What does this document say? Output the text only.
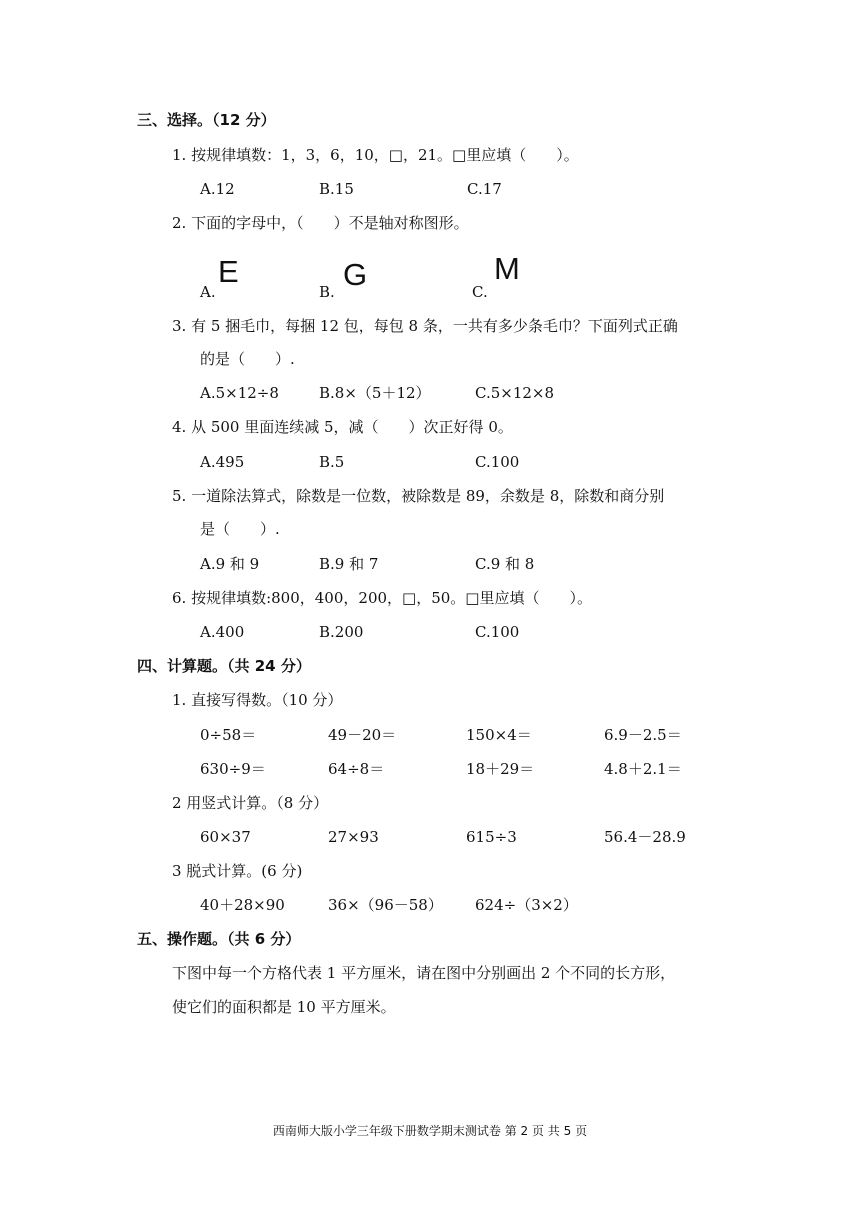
三、选择。（12 分）
1. 按规律填数：1，3，6，10，□，21。□里应填（　　）。
A.12	B.15	C.17
2. 下面的字母中，（　　）不是轴对称图形。
A.
E
B. G	C.
M
3. 有 5 捆毛巾，每捆 12 包，每包 8 条，一共有多少条毛巾？下面列式正确
的是（　　）.
A.5×12÷8	B.8×（5＋12）	C.5×12×8
4. 从 500 里面连续减 5，减（　　）次正好得 0。
A.495	B.5	C.100
5. 一道除法算式，除数是一位数，被除数是 89，余数是 8，除数和商分别
是（　　）.
A.9 和 9	B.9 和 7	C.9 和 8
6. 按规律填数:800，400，200，□，50。□里应填（　　）。
A.400	B.200	C.100
四、计算题。（共 24 分）
1. 直接写得数。（10 分）
0÷58＝	49－20＝	150×4＝	6.9－2.5＝
630÷9＝	64÷8＝	18＋29＝	4.8＋2.1＝
2 用竖式计算。（8 分）
60×37	27×93	615÷3	56.4－28.9
3 脱式计算。(6 分)
40＋28×90	36×（96－58） 624÷（3×2）
五、操作题。（共 6 分）
下图中每一个方格代表 1 平方厘米，请在图中分别画出 2 个不同的长方形，
使它们的面积都是 10 平方厘米。
西南师大版小学三年级下册数学期末测试卷 第 2 页 共 5 页
